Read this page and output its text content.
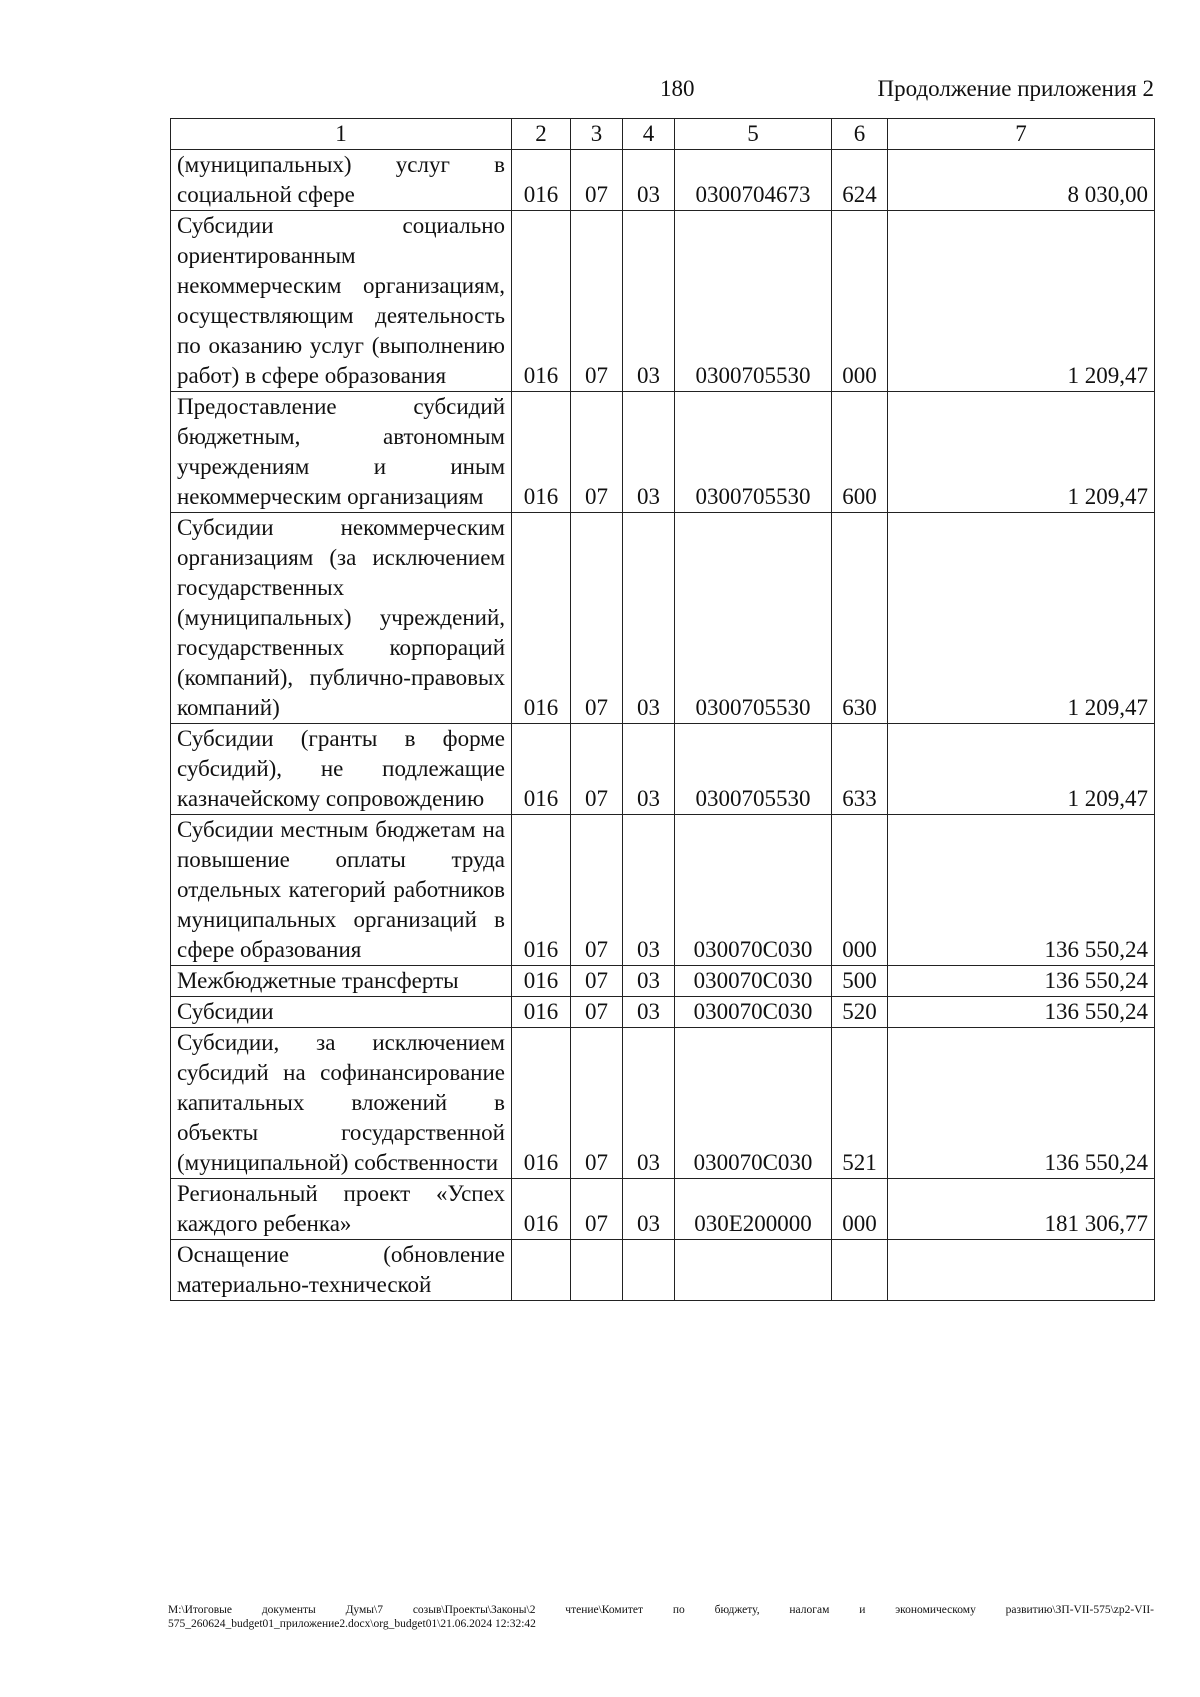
180	Продолжение приложения 2
1	2	3	4	5	6	7
(муниципальных) услуг в социальной сфере	016	07	03	0300704673	624	8 030,00
Субсидии социально ориентированным некоммерческим организациям, осуществляющим деятельность по оказанию услуг (выполнению работ) в сфере образования	016	07	03	0300705530	000	1 209,47
Предоставление субсидий бюджетным, автономным учреждениям и иным некоммерческим организациям	016	07	03	0300705530	600	1 209,47
Субсидии некоммерческим организациям (за исключением государственных (муниципальных) учреждений, государственных корпораций (компаний), публично-правовых компаний)	016	07	03	0300705530	630	1 209,47
Субсидии (гранты в форме субсидий), не подлежащие казначейскому сопровождению	016	07	03	0300705530	633	1 209,47
Субсидии местным бюджетам на повышение оплаты труда отдельных категорий работников муниципальных организаций в сфере образования	016	07	03	030070С030	000	136 550,24
Межбюджетные трансферты	016	07	03	030070С030	500	136 550,24
Субсидии	016	07	03	030070С030	520	136 550,24
Субсидии, за исключением субсидий на софинансирование капитальных вложений в объекты государственной (муниципальной) собственности	016	07	03	030070С030	521	136 550,24
Региональный проект «Успех каждого ребенка»	016	07	03	030Е200000	000	181 306,77
Оснащение (обновление материально-технической						
М:\Итоговые документы Думы\7 созыв\Проекты\Законы\2 чтение\Комитет по бюджету, налогам и экономическому развитию\ЗП-VII-575\zp2-VII-575_260624_budget01_приложение2.docx\org_budget01\21.06.2024 12:32:42
